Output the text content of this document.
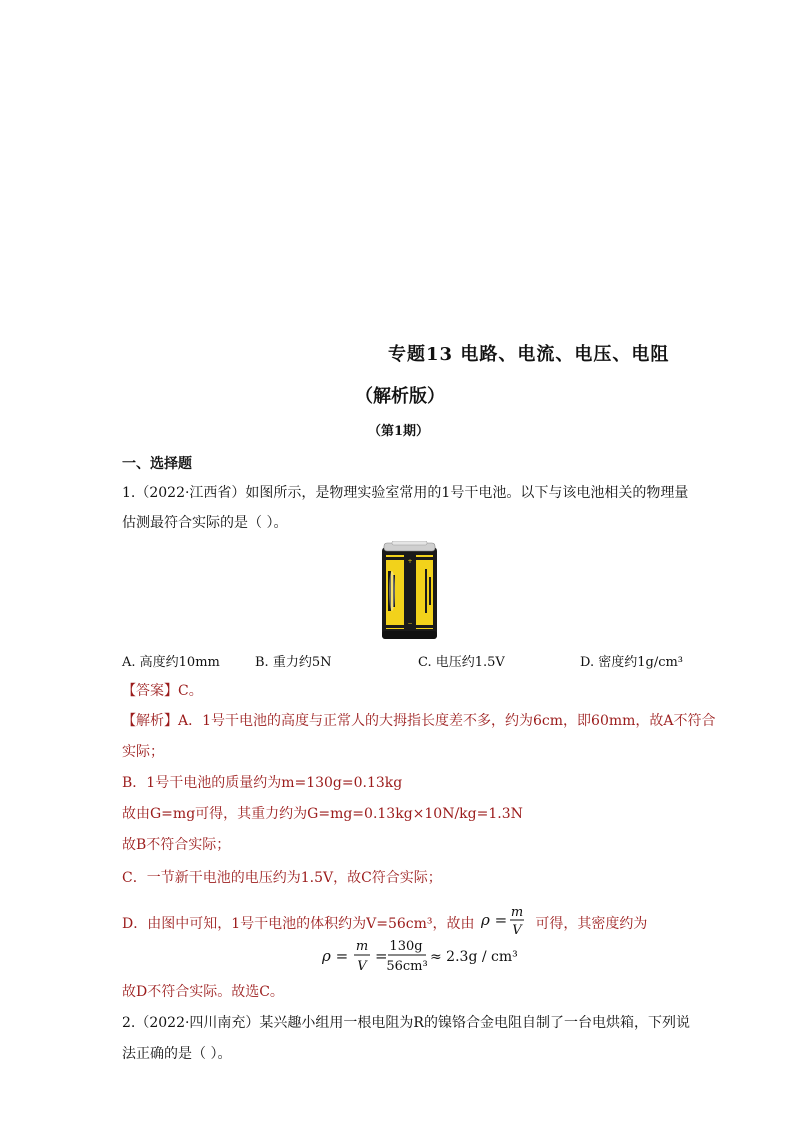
专题13 电路、电流、电压、电阻
（解析版）
（第1期）
一、选择题
1.（2022·江西省）如图所示，是物理实验室常用的1号干电池。以下与该电池相关的物理量
估测最符合实际的是（ ）。
+
−
A. 高度约10mm	B. 重力约5N	C. 电压约1.5V	D. 密度约1g/cm³
【答案】C。
【解析】A．1号干电池的高度与正常人的大拇指长度差不多，约为6cm，即60mm，故A不符合
实际；
B．1号干电池的质量约为m=130g=0.13kg
故由G=mg可得，其重力约为G=mg=0.13kg×10N/kg=1.3N
故B不符合实际；
C．一节新干电池的电压约为1.5V，故C符合实际；
D．由图中可知，1号干电池的体积约为V=56cm³，故由 ρ = m
V 可得，其密度约为
ρ =
m
V
=
130g
56cm³
≈ 2.3g / cm³
故D不符合实际。故选C。
2.（2022·四川南充）某兴趣小组用一根电阻为R的镍铬合金电阻自制了一台电烘箱，下列说
法正确的是（ ）。
